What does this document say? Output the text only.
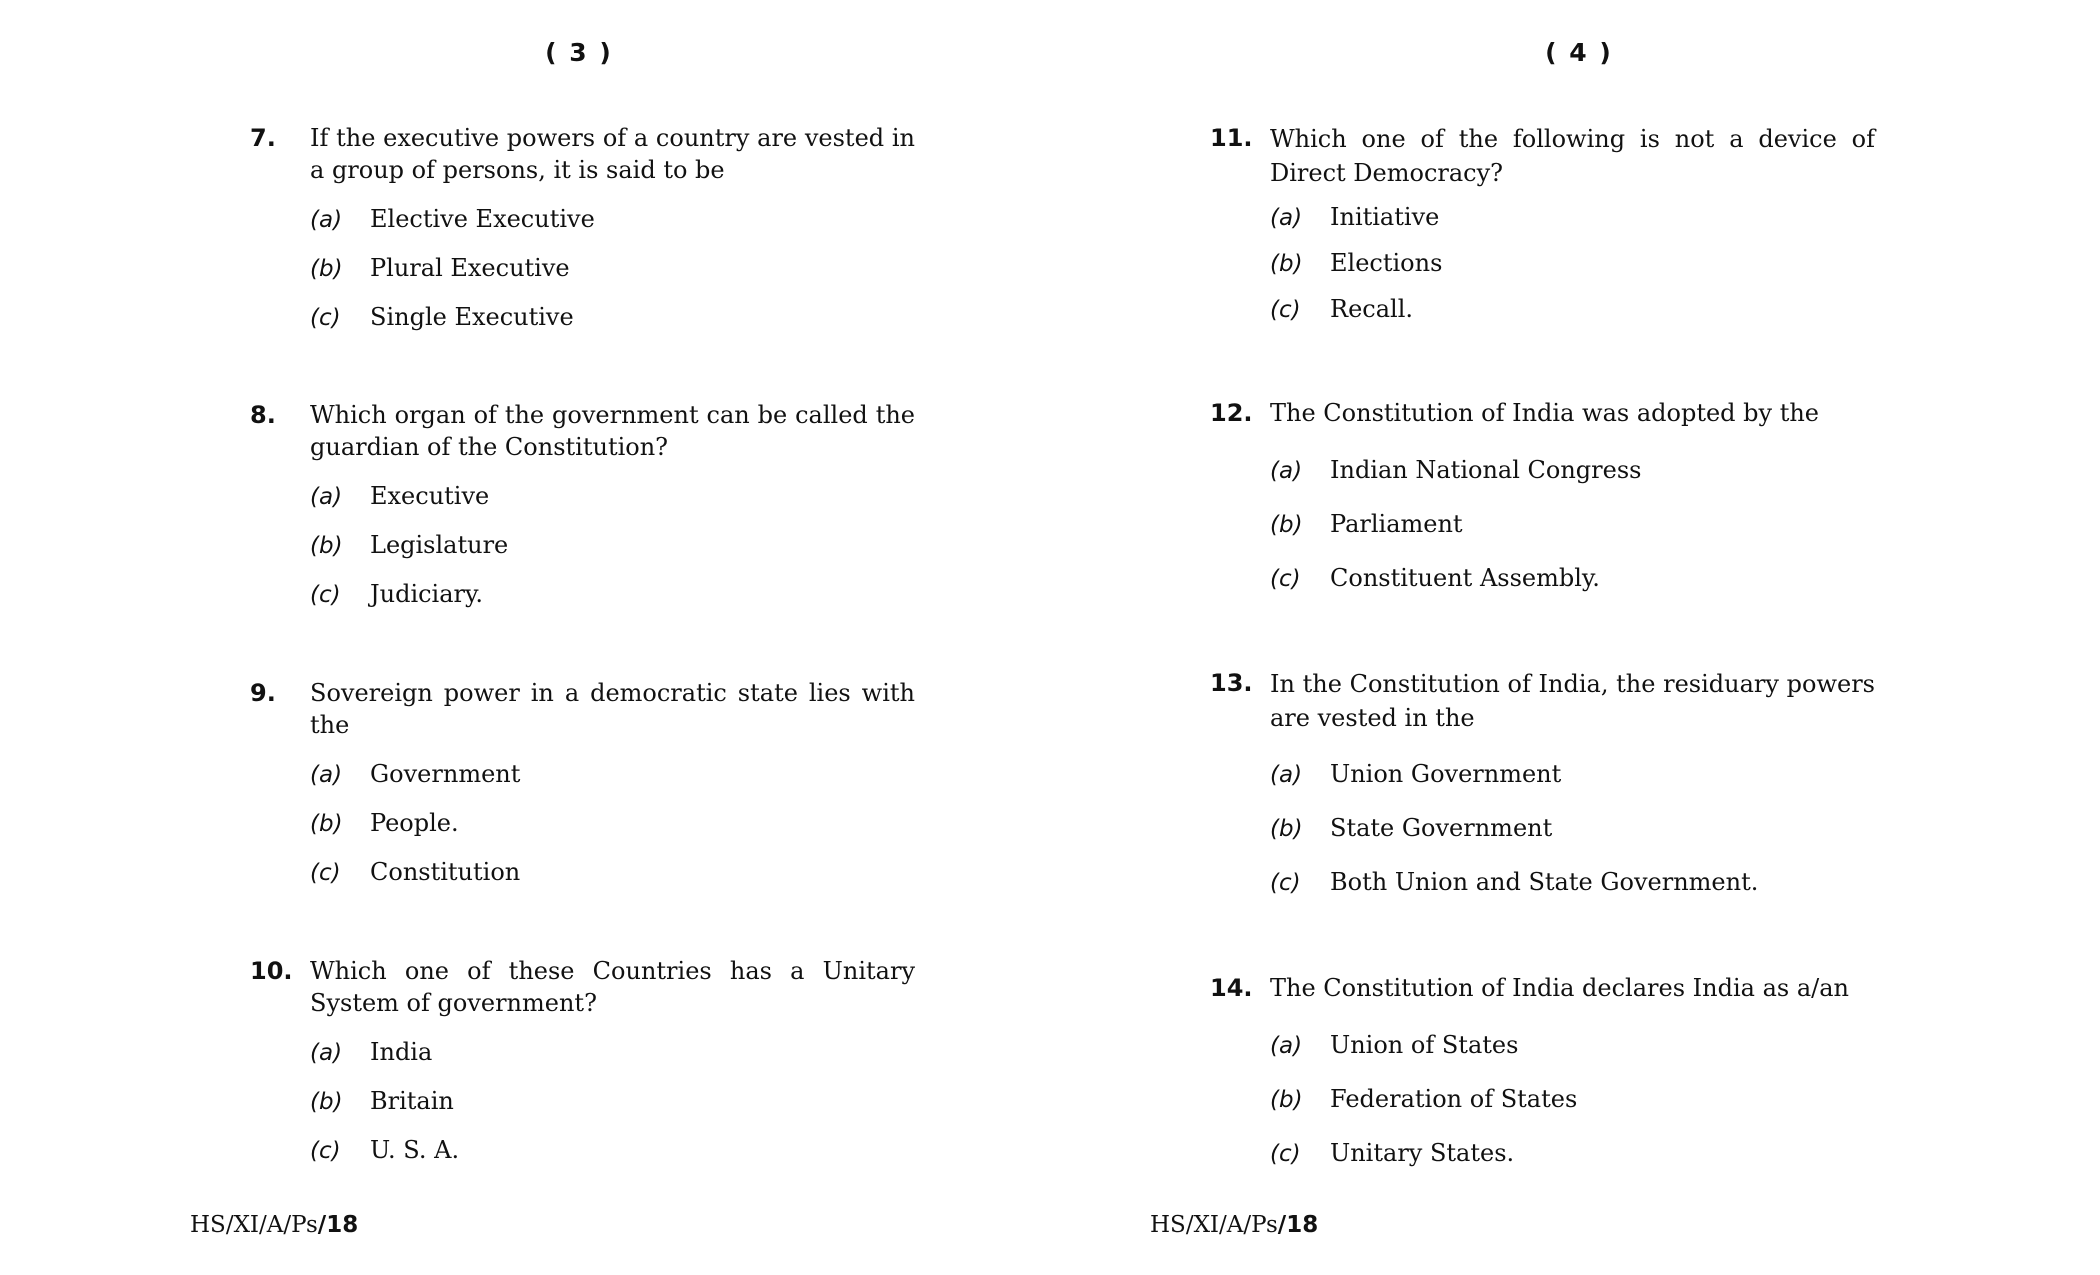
( 3 )
7.	If the executive powers of a country are vested in a group of persons, it is said to be
(a)	Elective Executive
(b)	Plural Executive
(c)	Single Executive
8.	Which organ of the government can be called the guardian of the Constitution?
(a)	Executive
(b)	Legislature
(c)	Judiciary.
9.	Sovereign power in a democratic state lies with the
(a)	Government
(b)	People.
(c)	Constitution
10. Which one of these Countries has a Unitary System of government?
(a)	India
(b)	Britain
(c)	U. S. A.
HS/XI/A/Ps/18
( 4 )
11. Which one of the following is not a device of Direct Democracy?
(a)	Initiative
(b)	Elections
(c)	Recall.
12. The Constitution of India was adopted by the
(a)	Indian National Congress
(b)	Parliament
(c)	Constituent Assembly.
13. In the Constitution of India, the residuary powers are vested in the
(a)	Union Government
(b)	State Government
(c)	Both Union and State Government.
14. The Constitution of India declares India as a/an
(a)	Union of States
(b)	Federation of States
(c)	Unitary States.
HS/XI/A/Ps/18
